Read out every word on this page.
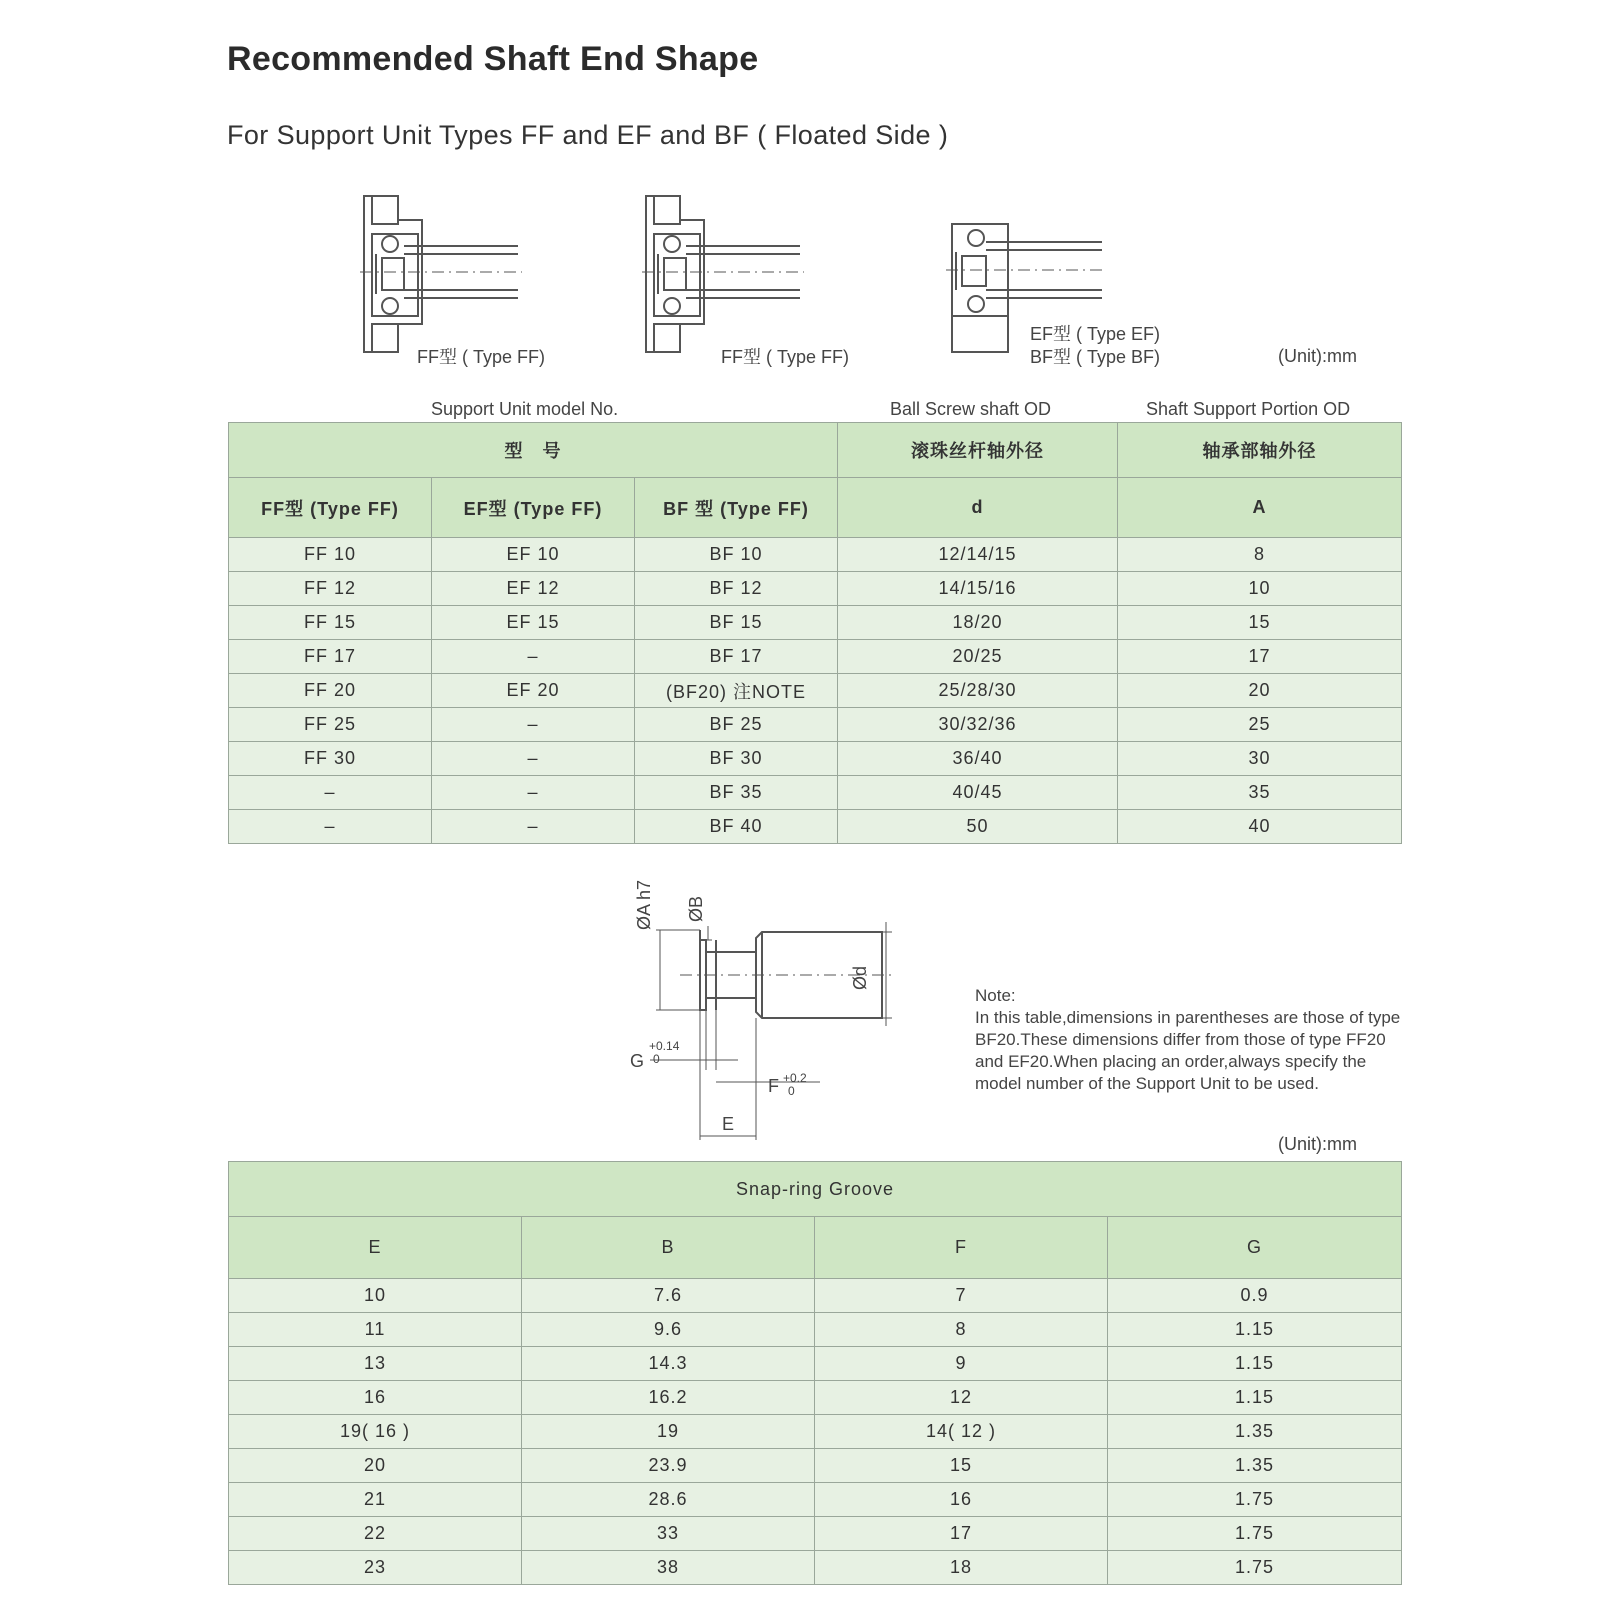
Recommended Shaft End Shape
For Support Unit Types FF and EF and BF ( Floated Side )
FF型 ( Type FF)	FF型 ( Type FF)
EF型 ( Type EF)
BF型 ( Type BF)	(Unit):mm
Support Unit model No.	Ball Screw shaft OD	Shaft Support Portion OD
型　号			滚珠丝杆轴外径	轴承部轴外径
FF型 (Type FF)	EF型 (Type FF)	BF 型 (Type FF)	d	A
FF 10	EF 10	BF 10	12/14/15	8
FF 12	EF 12	BF 12	14/15/16	10
FF 15	EF 15	BF 15	18/20	15
FF 17	–	BF 17	20/25	17
FF 20	EF 20	(BF20) 注NOTE	25/28/30	20
FF 25	–	BF 25	30/32/36	25
FF 30	–	BF 30	36/40	30
–	–	BF 35	40/45	35
–	–	BF 40	50	40
ØA h7 ØB
Ød
G
+0.14
0
F +0.2
0
E
Note:
In this table,dimensions in parentheses are those of type BF20.These dimensions differ from those of type FF20 and EF20.When placing an order,always specify the model number of the Support Unit to be used.
(Unit):mm
Snap-ring Groove			
E	B	F	G
10	7.6	7	0.9
11	9.6	8	1.15
13	14.3	9	1.15
16	16.2	12	1.15
19( 16 )	19	14( 12 )	1.35
20	23.9	15	1.35
21	28.6	16	1.75
22	33	17	1.75
23	38	18	1.75
